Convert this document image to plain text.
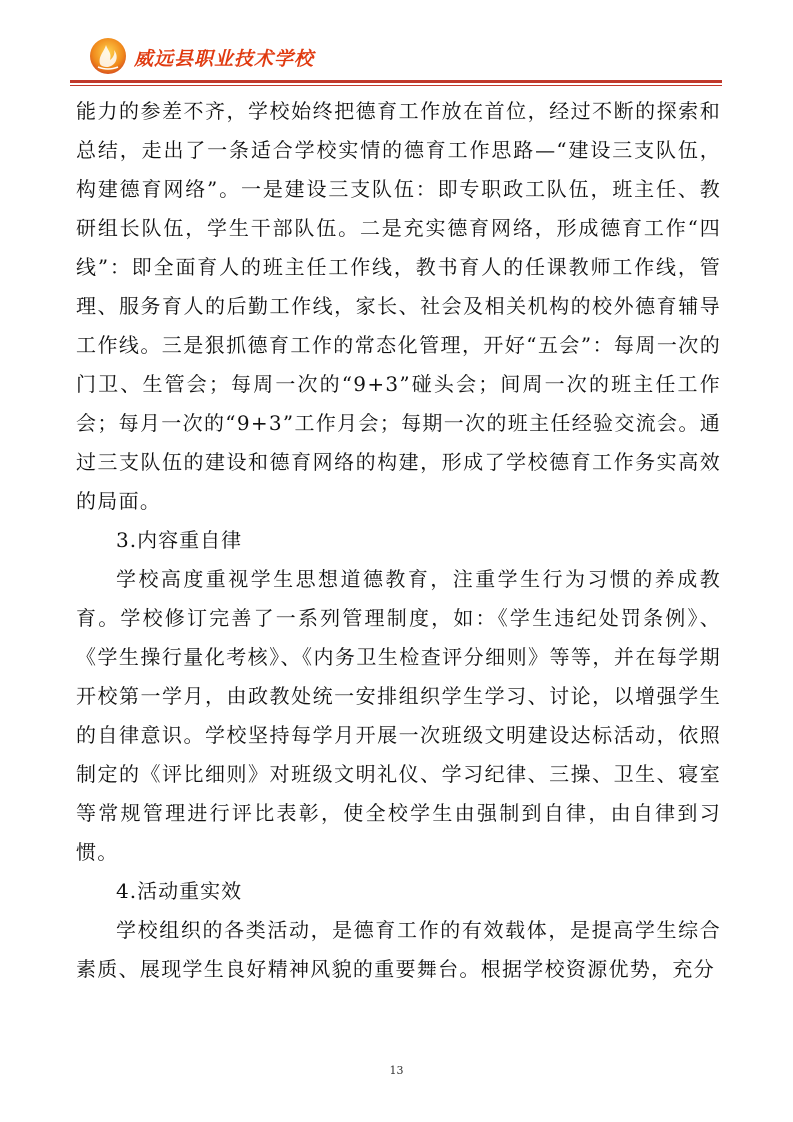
威远县职业技术学校

能力的参差不齐，学校始终把德育工作放在首位，经过不断的探索和总结，走出了一条适合学校实情的德育工作思路—“建设三支队伍，构建德育网络”。一是建设三支队伍：即专职政工队伍，班主任、教研组长队伍，学生干部队伍。二是充实德育网络，形成德育工作“四线”：即全面育人的班主任工作线，教书育人的任课教师工作线，管理、服务育人的后勤工作线，家长、社会及相关机构的校外德育辅导工作线。三是狠抓德育工作的常态化管理，开好“五会”：每周一次的门卫、生管会；每周一次的“9+3”碰头会；间周一次的班主任工作会；每月一次的“9+3”工作月会；每期一次的班主任经验交流会。通过三支队伍的建设和德育网络的构建，形成了学校德育工作务实高效的局面。

3.内容重自律

学校高度重视学生思想道德教育，注重学生行为习惯的养成教育。学校修订完善了一系列管理制度，如：《学生违纪处罚条例》、《学生操行量化考核》、《内务卫生检查评分细则》等等，并在每学期开校第一学月，由政教处统一安排组织学生学习、讨论，以增强学生的自律意识。学校坚持每学月开展一次班级文明建设达标活动，依照制定的《评比细则》对班级文明礼仪、学习纪律、三操、卫生、寝室等常规管理进行评比表彰，使全校学生由强制到自律，由自律到习惯。

4.活动重实效

学校组织的各类活动，是德育工作的有效载体，是提高学生综合素质、展现学生良好精神风貌的重要舞台。根据学校资源优势，充分

13
